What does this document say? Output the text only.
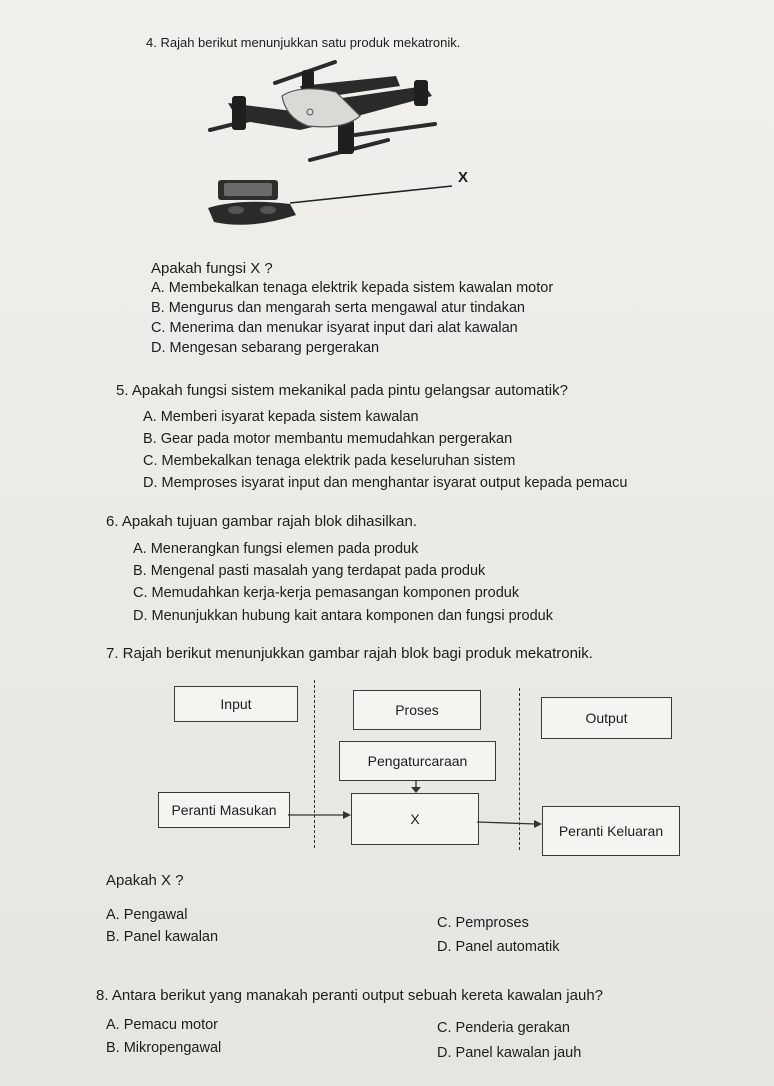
4. Rajah berikut menunjukkan satu produk mekatronik.
X
Apakah fungsi X ?
A. Membekalkan tenaga elektrik kepada sistem kawalan motor
B. Mengurus dan mengarah serta mengawal atur tindakan
C. Menerima dan menukar isyarat input dari alat kawalan
D. Mengesan sebarang pergerakan
5. Apakah fungsi sistem mekanikal pada pintu gelangsar automatik?
A. Memberi isyarat kepada sistem kawalan
B. Gear pada motor membantu memudahkan pergerakan
C. Membekalkan tenaga elektrik pada keseluruhan sistem
D. Memproses isyarat input dan menghantar isyarat output kepada pemacu
6. Apakah tujuan gambar rajah blok dihasilkan.
A. Menerangkan fungsi elemen pada produk
B. Mengenal pasti masalah yang terdapat pada produk
C. Memudahkan kerja-kerja pemasangan komponen produk
D. Menunjukkan hubung kait antara komponen dan fungsi produk
7. Rajah berikut menunjukkan gambar rajah blok bagi produk mekatronik.
Input	Proses	Output
Pengaturcaraan
Peranti Masukan
X
Peranti Keluaran
Apakah X ?
A. Pengawal
B. Panel kawalan
C. Pemproses
D. Panel automatik
8. Antara berikut yang manakah peranti output sebuah kereta kawalan jauh?
A. Pemacu motor
B. Mikropengawal
C. Penderia gerakan
D. Panel kawalan jauh
